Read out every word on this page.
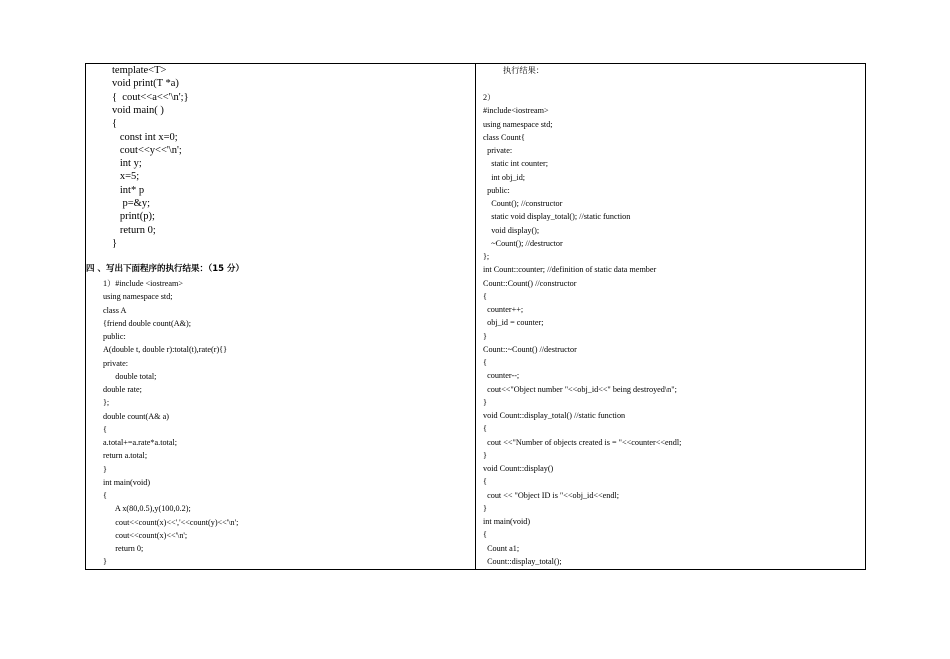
template<T>
void print(T *a)
{  cout<<a<<'\n';}
void main( )
{
const int x=0;
cout<<y<<'\n';
int y;
x=5;
int* p
p=&y;
print(p);
return 0;
}
四 、写出下面程序的执行结果：（15 分）
1）#include <iostream>
using namespace std;
class A
{friend double count(A&);
public:
A(double t, double r):total(t),rate(r){}
private:
double total;
double rate;
};
double count(A& a)
{
a.total+=a.rate*a.total;
return a.total;
}
int main(void)
{
A x(80,0.5),y(100,0.2);
cout<<count(x)<<','<<count(y)<<'\n';
cout<<count(x)<<'\n';
return 0;
}
执行结果：
2）
#include<iostream>
using namespace std;
class Count{
private:
static int counter;
int obj_id;
public:
Count(); //constructor
static void display_total(); //static function
void display();
~Count(); //destructor
};
int Count::counter; //definition of static data member
Count::Count() //constructor
{
counter++;
obj_id = counter;
}
Count::~Count() //destructor
{
counter--;
cout<<"Object number "<<obj_id<<" being destroyed\n";
}
void Count::display_total() //static function
{
cout <<"Number of objects created is = "<<counter<<endl;
}
void Count::display()
{
cout << "Object ID is "<<obj_id<<endl;
}
int main(void)
{
Count a1;
Count::display_total();
